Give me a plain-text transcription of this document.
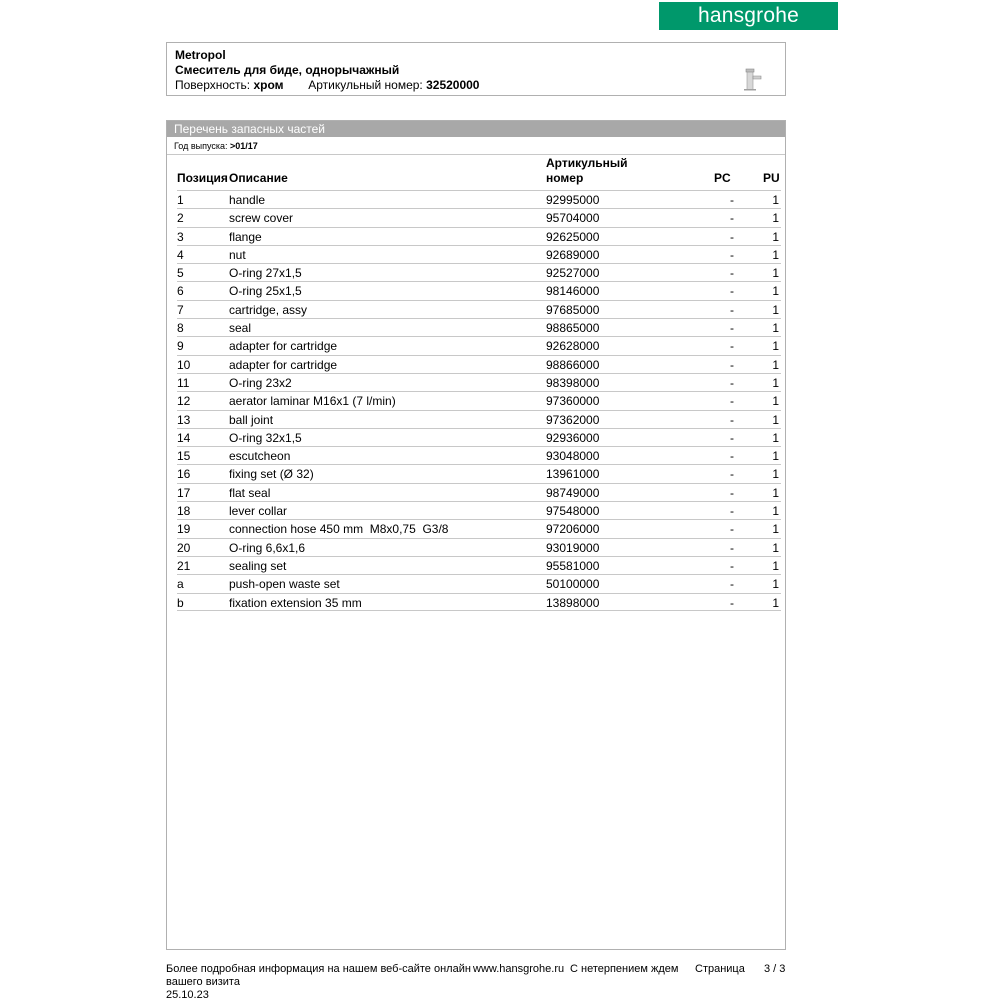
hansgrohe
Metropol
Смеситель для биде, однорычажный
Поверхность: хром Артикульный номер: 32520000
Перечень запасных частей
Год выпуска: >01/17
Позиция Описание
Артикульный
номер	PC	PU
1	handle	92995000	-	1
2	screw cover	95704000	-	1
3	flange	92625000	-	1
4	nut	92689000	-	1
5	O-ring 27x1,5	92527000	-	1
6	O-ring 25x1,5	98146000	-	1
7	cartridge, assy	97685000	-	1
8	seal	98865000	-	1
9	adapter for cartridge	92628000	-	1
10	adapter for cartridge	98866000	-	1
11	O-ring 23x2	98398000	-	1
12	aerator laminar M16x1 (7 l/min)	97360000	-	1
13	ball joint	97362000	-	1
14	O-ring 32x1,5	92936000	-	1
15	escutcheon	93048000	-	1
16	fixing set (Ø 32)	13961000	-	1
17	flat seal	98749000	-	1
18	lever collar	97548000	-	1
19	connection hose 450 mm  M8x0,75  G3/8	97206000	-	1
20	O-ring 6,6x1,6	93019000	-	1
21	sealing set	95581000	-	1
a	push-open waste set	50100000	-	1
b	fixation extension 35 mm	13898000	-	1
Более подробная информация на нашем веб-сайте онлайн www.hansgrohe.ru С нетерпением ждем
вашего визита
Страница 3 / 3
25.10.23
